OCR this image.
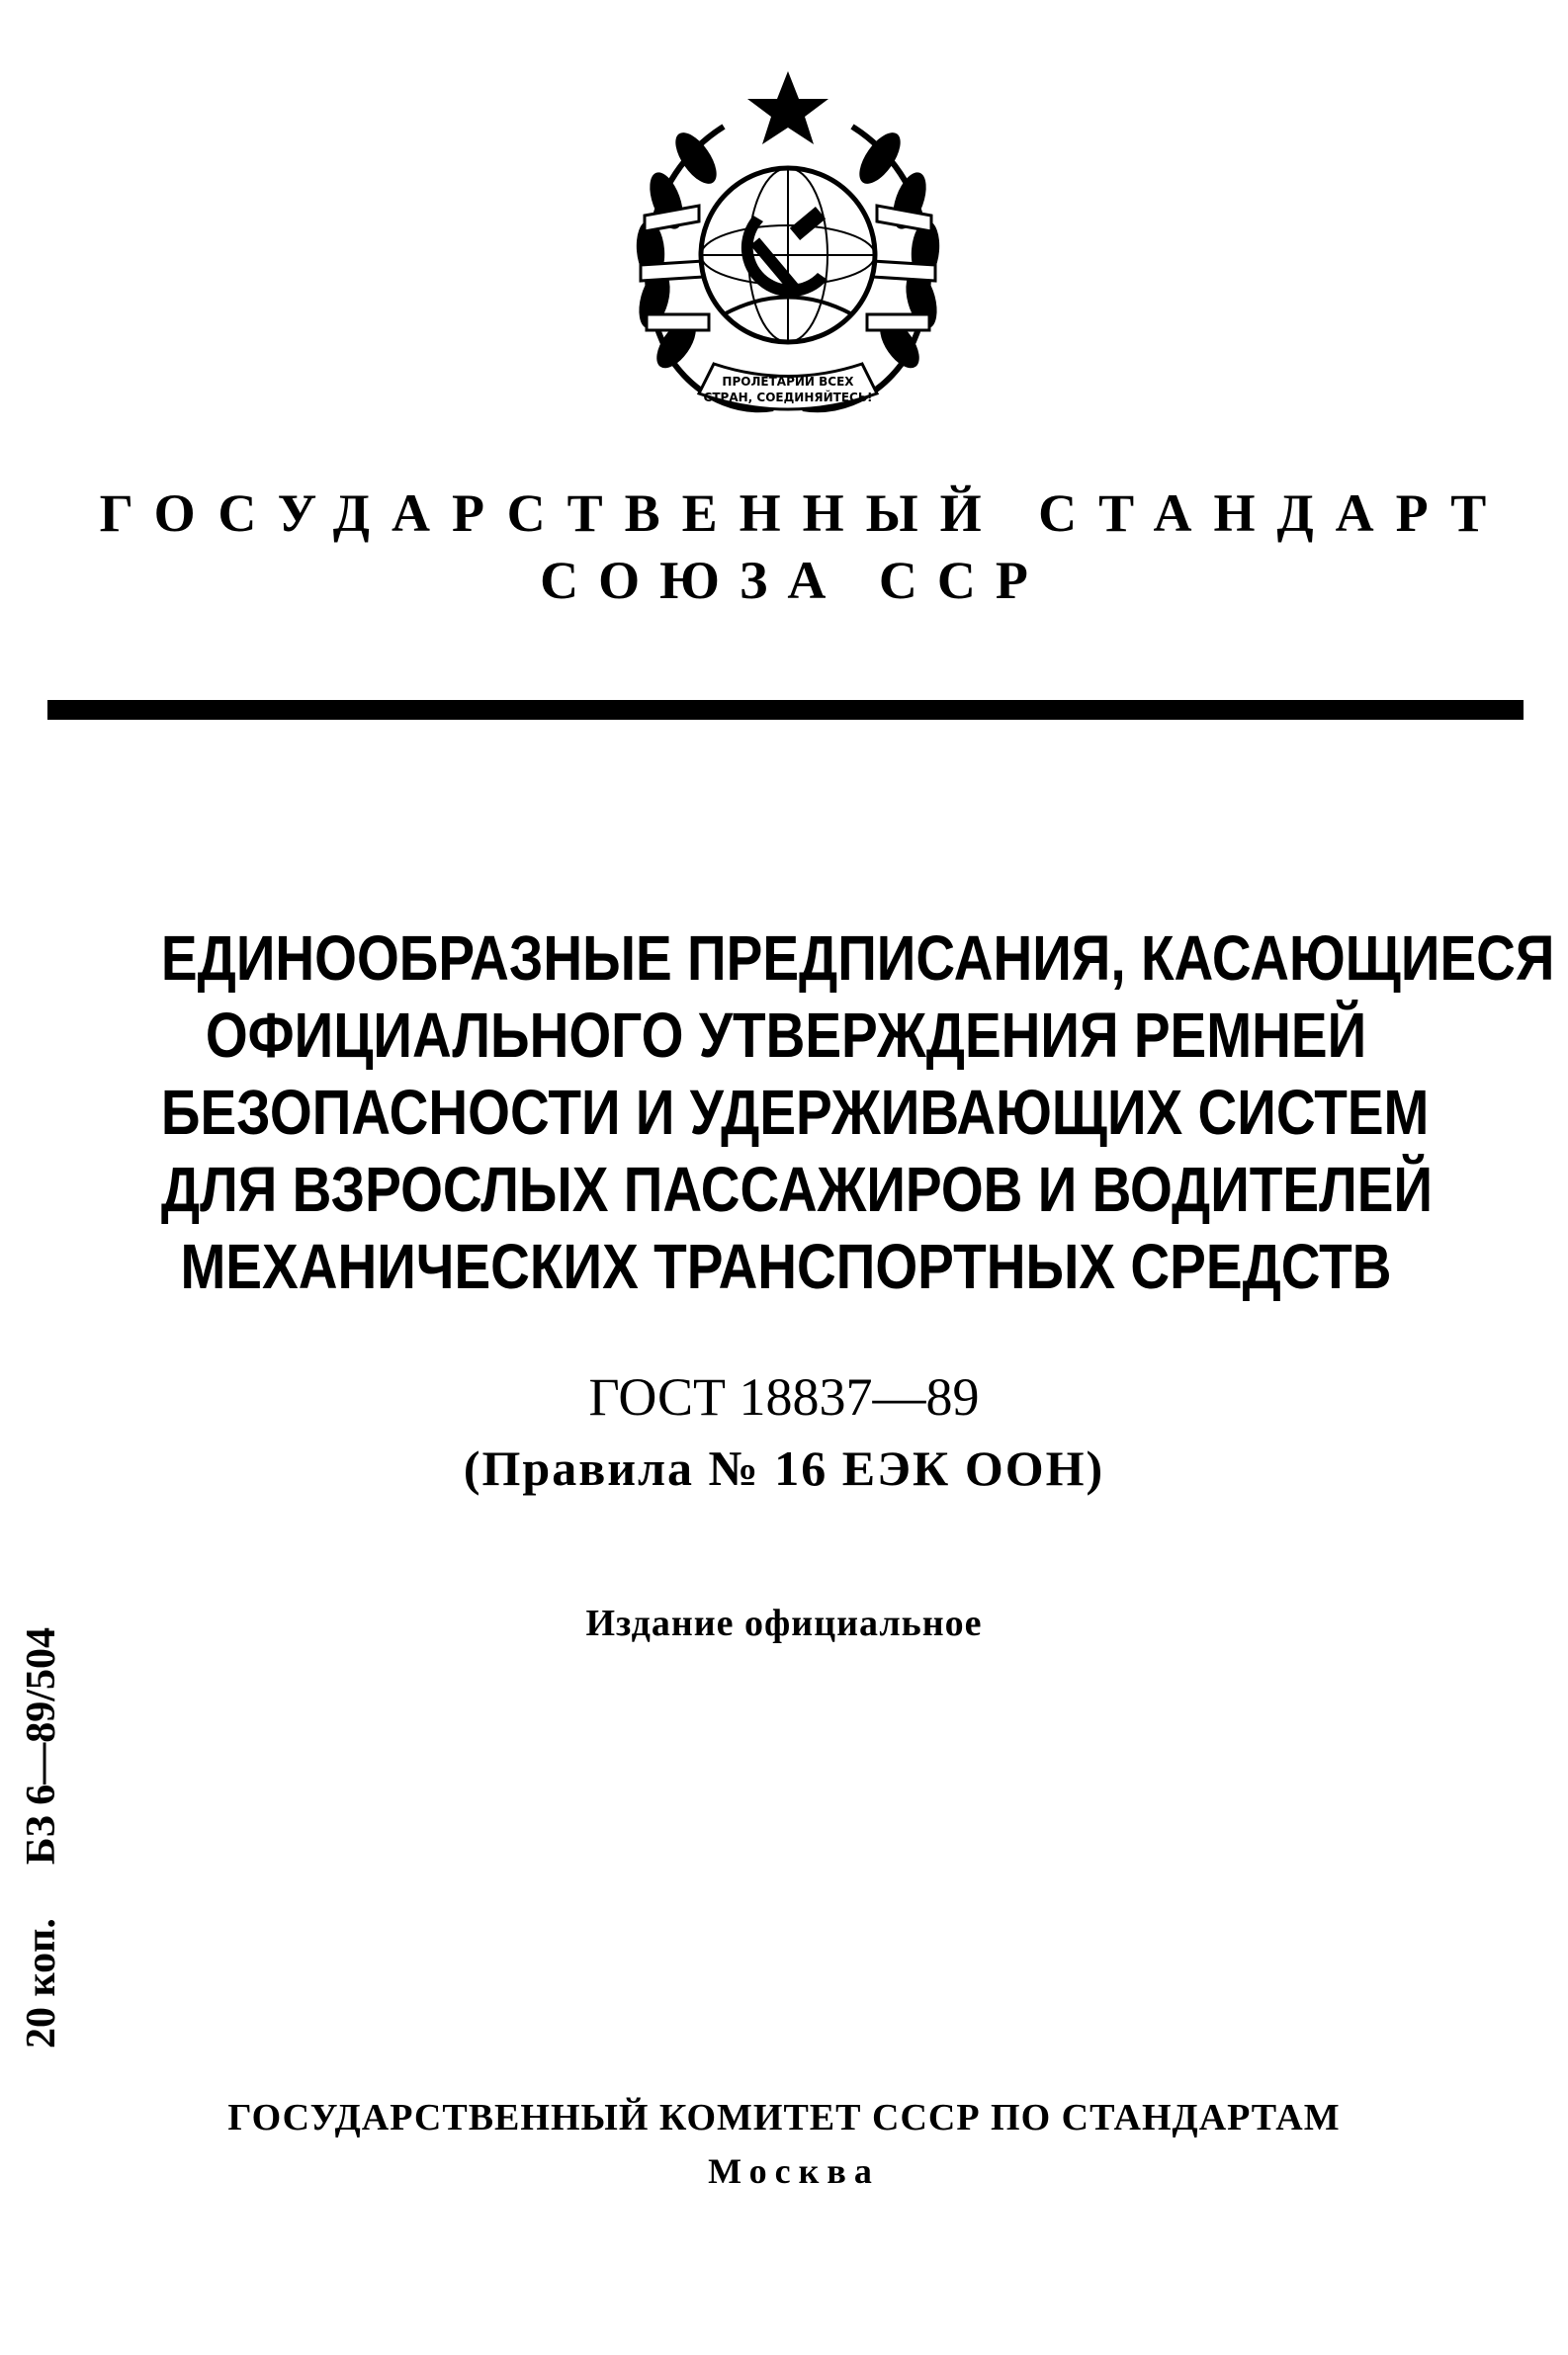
ПРОЛЕТАРИИ ВСЕХ
СТРАН, СОЕДИНЯЙТЕСЬ!
ГОСУДАРСТВЕННЫЙ СТАНДАРТ
СОЮЗА ССР
ЕДИНООБРАЗНЫЕ ПРЕДПИСАНИЯ, КАСАЮЩИЕСЯ
ОФИЦИАЛЬНОГО УТВЕРЖДЕНИЯ РЕМНЕЙ
БЕЗОПАСНОСТИ И УДЕРЖИВАЮЩИХ СИСТЕМ
ДЛЯ ВЗРОСЛЫХ ПАССАЖИРОВ И ВОДИТЕЛЕЙ
МЕХАНИЧЕСКИХ ТРАНСПОРТНЫХ СРЕДСТВ
ГОСТ 18837—89
(Правила № 16 ЕЭК ООН)
Издание официальное
20 коп.БЗ 6—89/504
ГОСУДАРСТВЕННЫЙ КОМИТЕТ СССР ПО СТАНДАРТАМ
Москва
